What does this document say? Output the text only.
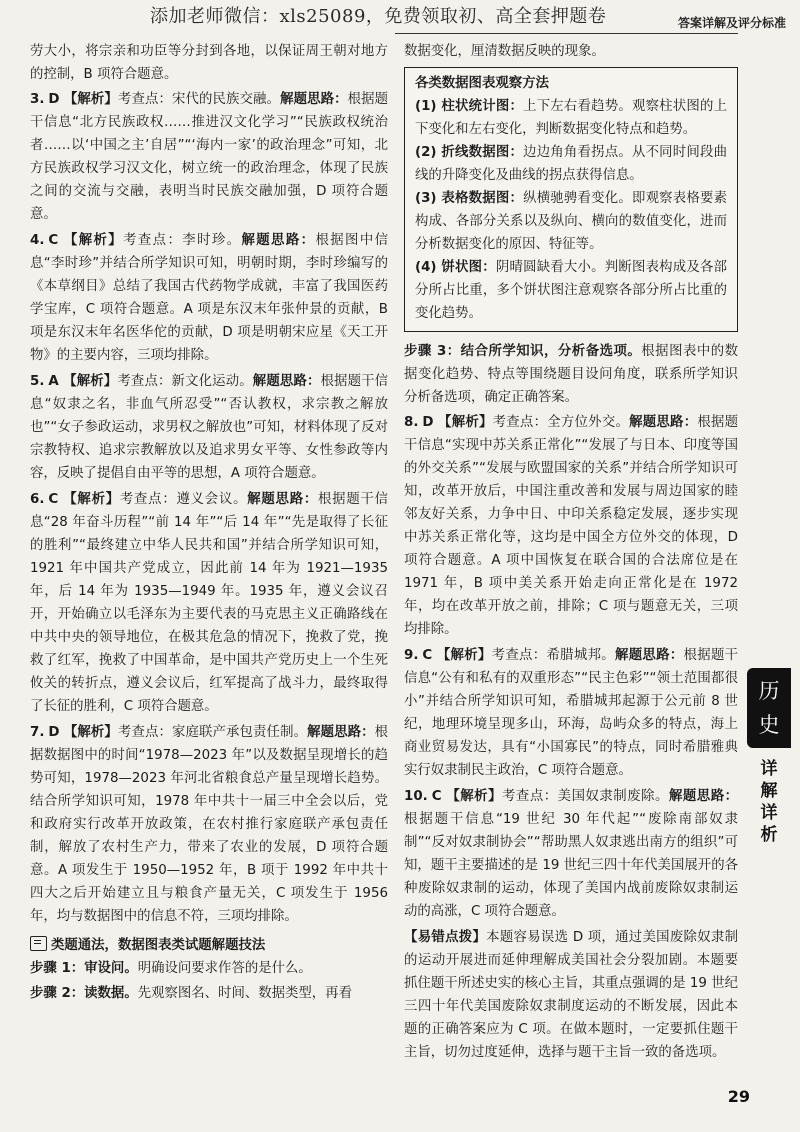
添加老师微信：xls25089，免费领取初、高全套押题卷	答案详解及评分标准

劳大小，将宗亲和功臣等分封到各地，以保证周王朝对地方的控制，B 项符合题意。

3. D 【解析】考查点：宋代的民族交融。解题思路：根据题干信息“北方民族政权……推进汉文化学习”“民族政权统治者……以‘中国之主’自居”“‘海内一家’的政治理念”可知，北方民族政权学习汉文化，树立统一的政治理念，体现了民族之间的交流与交融，表明当时民族交融加强，D 项符合题意。

4. C 【解析】考查点：李时珍。解题思路：根据图中信息“李时珍”并结合所学知识可知，明朝时期，李时珍编写的《本草纲目》总结了我国古代药物学成就，丰富了我国医药学宝库，C 项符合题意。A 项是东汉末年张仲景的贡献，B 项是东汉末年名医华佗的贡献，D 项是明朝宋应星《天工开物》的主要内容，三项均排除。

5. A 【解析】考查点：新文化运动。解题思路：根据题干信息“奴隶之名，非血气所忍受”“否认教权，求宗教之解放也”“女子参政运动，求男权之解放也”可知，材料体现了反对宗教特权、追求宗教解放以及追求男女平等、女性参政等内容，反映了提倡自由平等的思想，A 项符合题意。

6. C 【解析】考查点：遵义会议。解题思路：根据题干信息“28 年奋斗历程”“前 14 年”“后 14 年”“先是取得了长征的胜利”“最终建立中华人民共和国”并结合所学知识可知，1921 年中国共产党成立，因此前 14 年为 1921—1935 年，后 14 年为 1935—1949 年。1935 年，遵义会议召开，开始确立以毛泽东为主要代表的马克思主义正确路线在中共中央的领导地位，在极其危急的情况下，挽救了党，挽救了红军，挽救了中国革命，是中国共产党历史上一个生死攸关的转折点，遵义会议后，红军提高了战斗力，最终取得了长征的胜利，C 项符合题意。

7. D 【解析】考查点：家庭联产承包责任制。解题思路：根据数据图中的时间“1978—2023 年”以及数据呈现增长的趋势可知，1978—2023 年河北省粮食总产量呈现增长趋势。结合所学知识可知，1978 年中共十一届三中全会以后，党和政府实行改革开放政策，在农村推行家庭联产承包责任制，解放了农村生产力，带来了农业的发展，D 项符合题意。A 项发生于 1950—1952 年，B 项于 1992 年中共十四大之后开始建立且与粮食产量无关，C 项发生于 1956 年，均与数据图中的信息不符，三项均排除。

类题通法，数据图表类试题解题技法

步骤 1：审设问。明确设问要求作答的是什么。

步骤 2：读数据。先观察图名、时间、数据类型，再看

数据变化，厘清数据反映的现象。

各类数据图表观察方法

(1) 柱状统计图：上下左右看趋势。观察柱状图的上下变化和左右变化，判断数据变化特点和趋势。

(2) 折线数据图：边边角角看拐点。从不同时间段曲线的升降变化及曲线的拐点获得信息。

(3) 表格数据图：纵横驰骋看变化。即观察表格要素构成、各部分关系以及纵向、横向的数值变化，进而分析数据变化的原因、特征等。

(4) 饼状图：阴晴圆缺看大小。判断图表构成及各部分所占比重，多个饼状图注意观察各部分所占比重的变化趋势。

步骤 3：结合所学知识，分析备选项。根据图表中的数据变化趋势、特点等围绕题目设问角度，联系所学知识分析备选项，确定正确答案。

8. D 【解析】考查点：全方位外交。解题思路：根据题干信息“实现中苏关系正常化”“发展了与日本、印度等国的外交关系”“发展与欧盟国家的关系”并结合所学知识可知，改革开放后，中国注重改善和发展与周边国家的睦邻友好关系，力争中日、中印关系稳定发展，逐步实现中苏关系正常化等，这均是中国全方位外交的体现，D 项符合题意。A 项中国恢复在联合国的合法席位是在 1971 年，B 项中美关系开始走向正常化是在 1972 年，均在改革开放之前，排除；C 项与题意无关，三项均排除。

9. C 【解析】考查点：希腊城邦。解题思路：根据题干信息“公有和私有的双重形态”“民主色彩”“领土范围都很小”并结合所学知识可知，希腊城邦起源于公元前 8 世纪，地理环境呈现多山，环海，岛屿众多的特点，海上商业贸易发达，具有“小国寡民”的特点，同时希腊雅典实行奴隶制民主政治，C 项符合题意。

10. C 【解析】考查点：美国奴隶制废除。解题思路：根据题干信息“19 世纪 30 年代起”“废除南部奴隶制”“反对奴隶制协会”“帮助黑人奴隶逃出南方的组织”可知，题干主要描述的是 19 世纪三四十年代美国展开的各种废除奴隶制的运动，体现了美国内战前废除奴隶制运动的高涨，C 项符合题意。

【易错点拨】本题容易误选 D 项，通过美国废除奴隶制的运动开展进而延伸理解成美国社会分裂加剧。本题要抓住题干所述史实的核心主旨，其重点强调的是 19 世纪三四十年代美国废除奴隶制度运动的不断发展，因此本题的正确答案应为 C 项。在做本题时，一定要抓住题干主旨，切勿过度延伸，选择与题干主旨一致的备选项。

历
史
详
解
详
析
29
